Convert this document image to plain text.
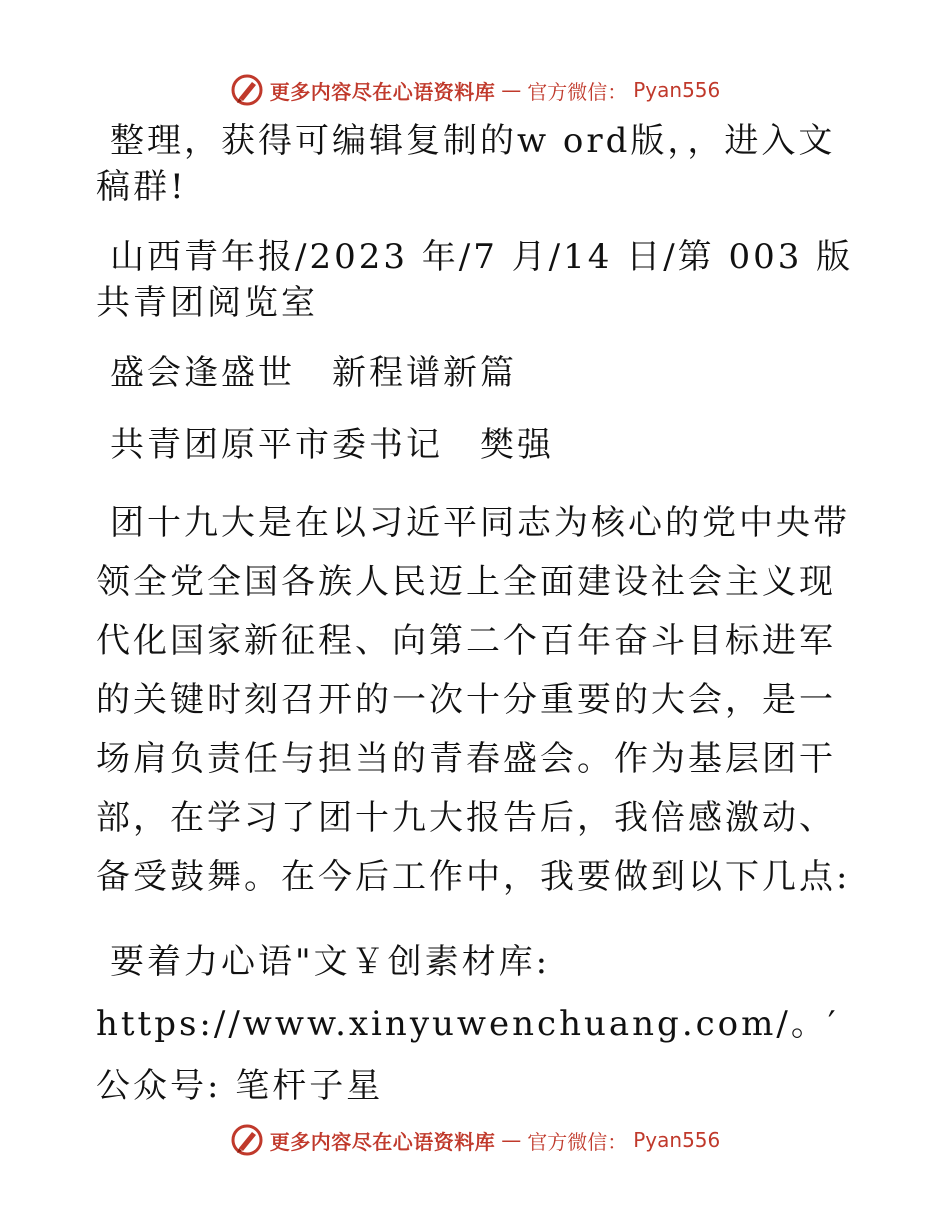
更多内容尽在心语资料库 — 官方微信： Pyan556

整理，获得可编辑复制的w ord版，，进入文稿群!

山西青年报/2023 年/7 月/14 日/第 003 版共青团阅览室

盛会逢盛世　新程谱新篇

共青团原平市委书记　樊强

团十九大是在以习近平同志为核心的党中央带领全党全国各族人民迈上全面建设社会主义现代化国家新征程、向第二个百年奋斗目标进军的关键时刻召开的一次十分重要的大会，是一场肩负责任与担当的青春盛会。作为基层团干部，在学习了团十九大报告后，我倍感激动、备受鼓舞。在今后工作中，我要做到以下几点:

要着力心语"文￥创素材库: https://www.xinyuwenchuang.com/。′公众号: 笔杆子星

更多内容尽在心语资料库 — 官方微信： Pyan556
